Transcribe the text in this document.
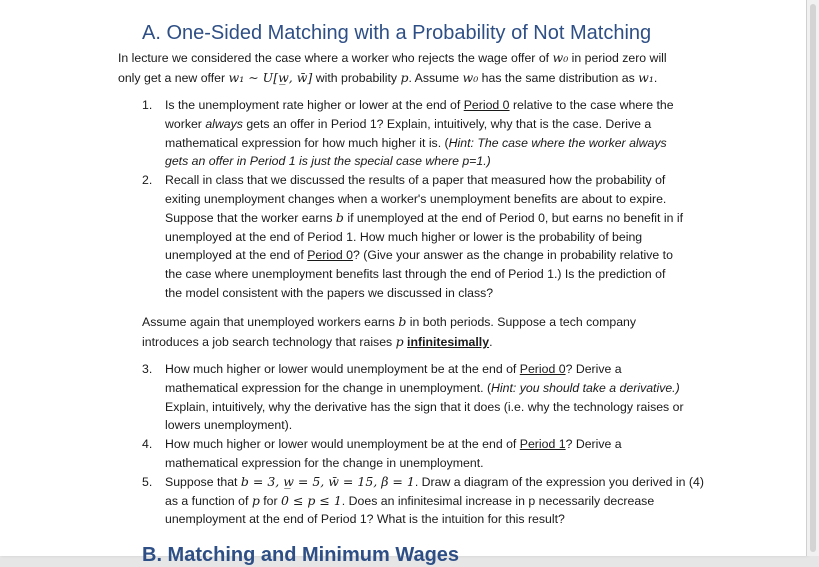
A. One-Sided Matching with a Probability of Not Matching

In lecture we considered the case where a worker who rejects the wage offer of w₀ in period zero will
only get a new offer w₁ ∼ U[w̲, w̄] with probability p. Assume w₀ has the same distribution as w₁.

1. Is the unemployment rate higher or lower at the end of Period 0 relative to the case where the
worker always gets an offer in Period 1? Explain, intuitively, why that is the case. Derive a
mathematical expression for how much higher it is. (Hint: The case where the worker always
gets an offer in Period 1 is just the special case where p=1.)
2. Recall in class that we discussed the results of a paper that measured how the probability of
exiting unemployment changes when a worker's unemployment benefits are about to expire.
Suppose that the worker earns b if unemployed at the end of Period 0, but earns no benefit in if
unemployed at the end of Period 1. How much higher or lower is the probability of being
unemployed at the end of Period 0? (Give your answer as the change in probability relative to
the case where unemployment benefits last through the end of Period 1.) Is the prediction of
the model consistent with the papers we discussed in class?

Assume again that unemployed workers earns b in both periods. Suppose a tech company
introduces a job search technology that raises p infinitesimally.

3. How much higher or lower would unemployment be at the end of Period 0? Derive a
mathematical expression for the change in unemployment. (Hint: you should take a derivative.)
Explain, intuitively, why the derivative has the sign that it does (i.e. why the technology raises or
lowers unemployment).
4. How much higher or lower would unemployment be at the end of Period 1? Derive a
mathematical expression for the change in unemployment.
5. Suppose that b = 3, w̲ = 5, w̄ = 15, β = 1. Draw a diagram of the expression you derived in (4)
as a function of p for 0 ≤ p ≤ 1. Does an infinitesimal increase in p necessarily decrease
unemployment at the end of Period 1? What is the intuition for this result?
B. Matching and Minimum Wages
